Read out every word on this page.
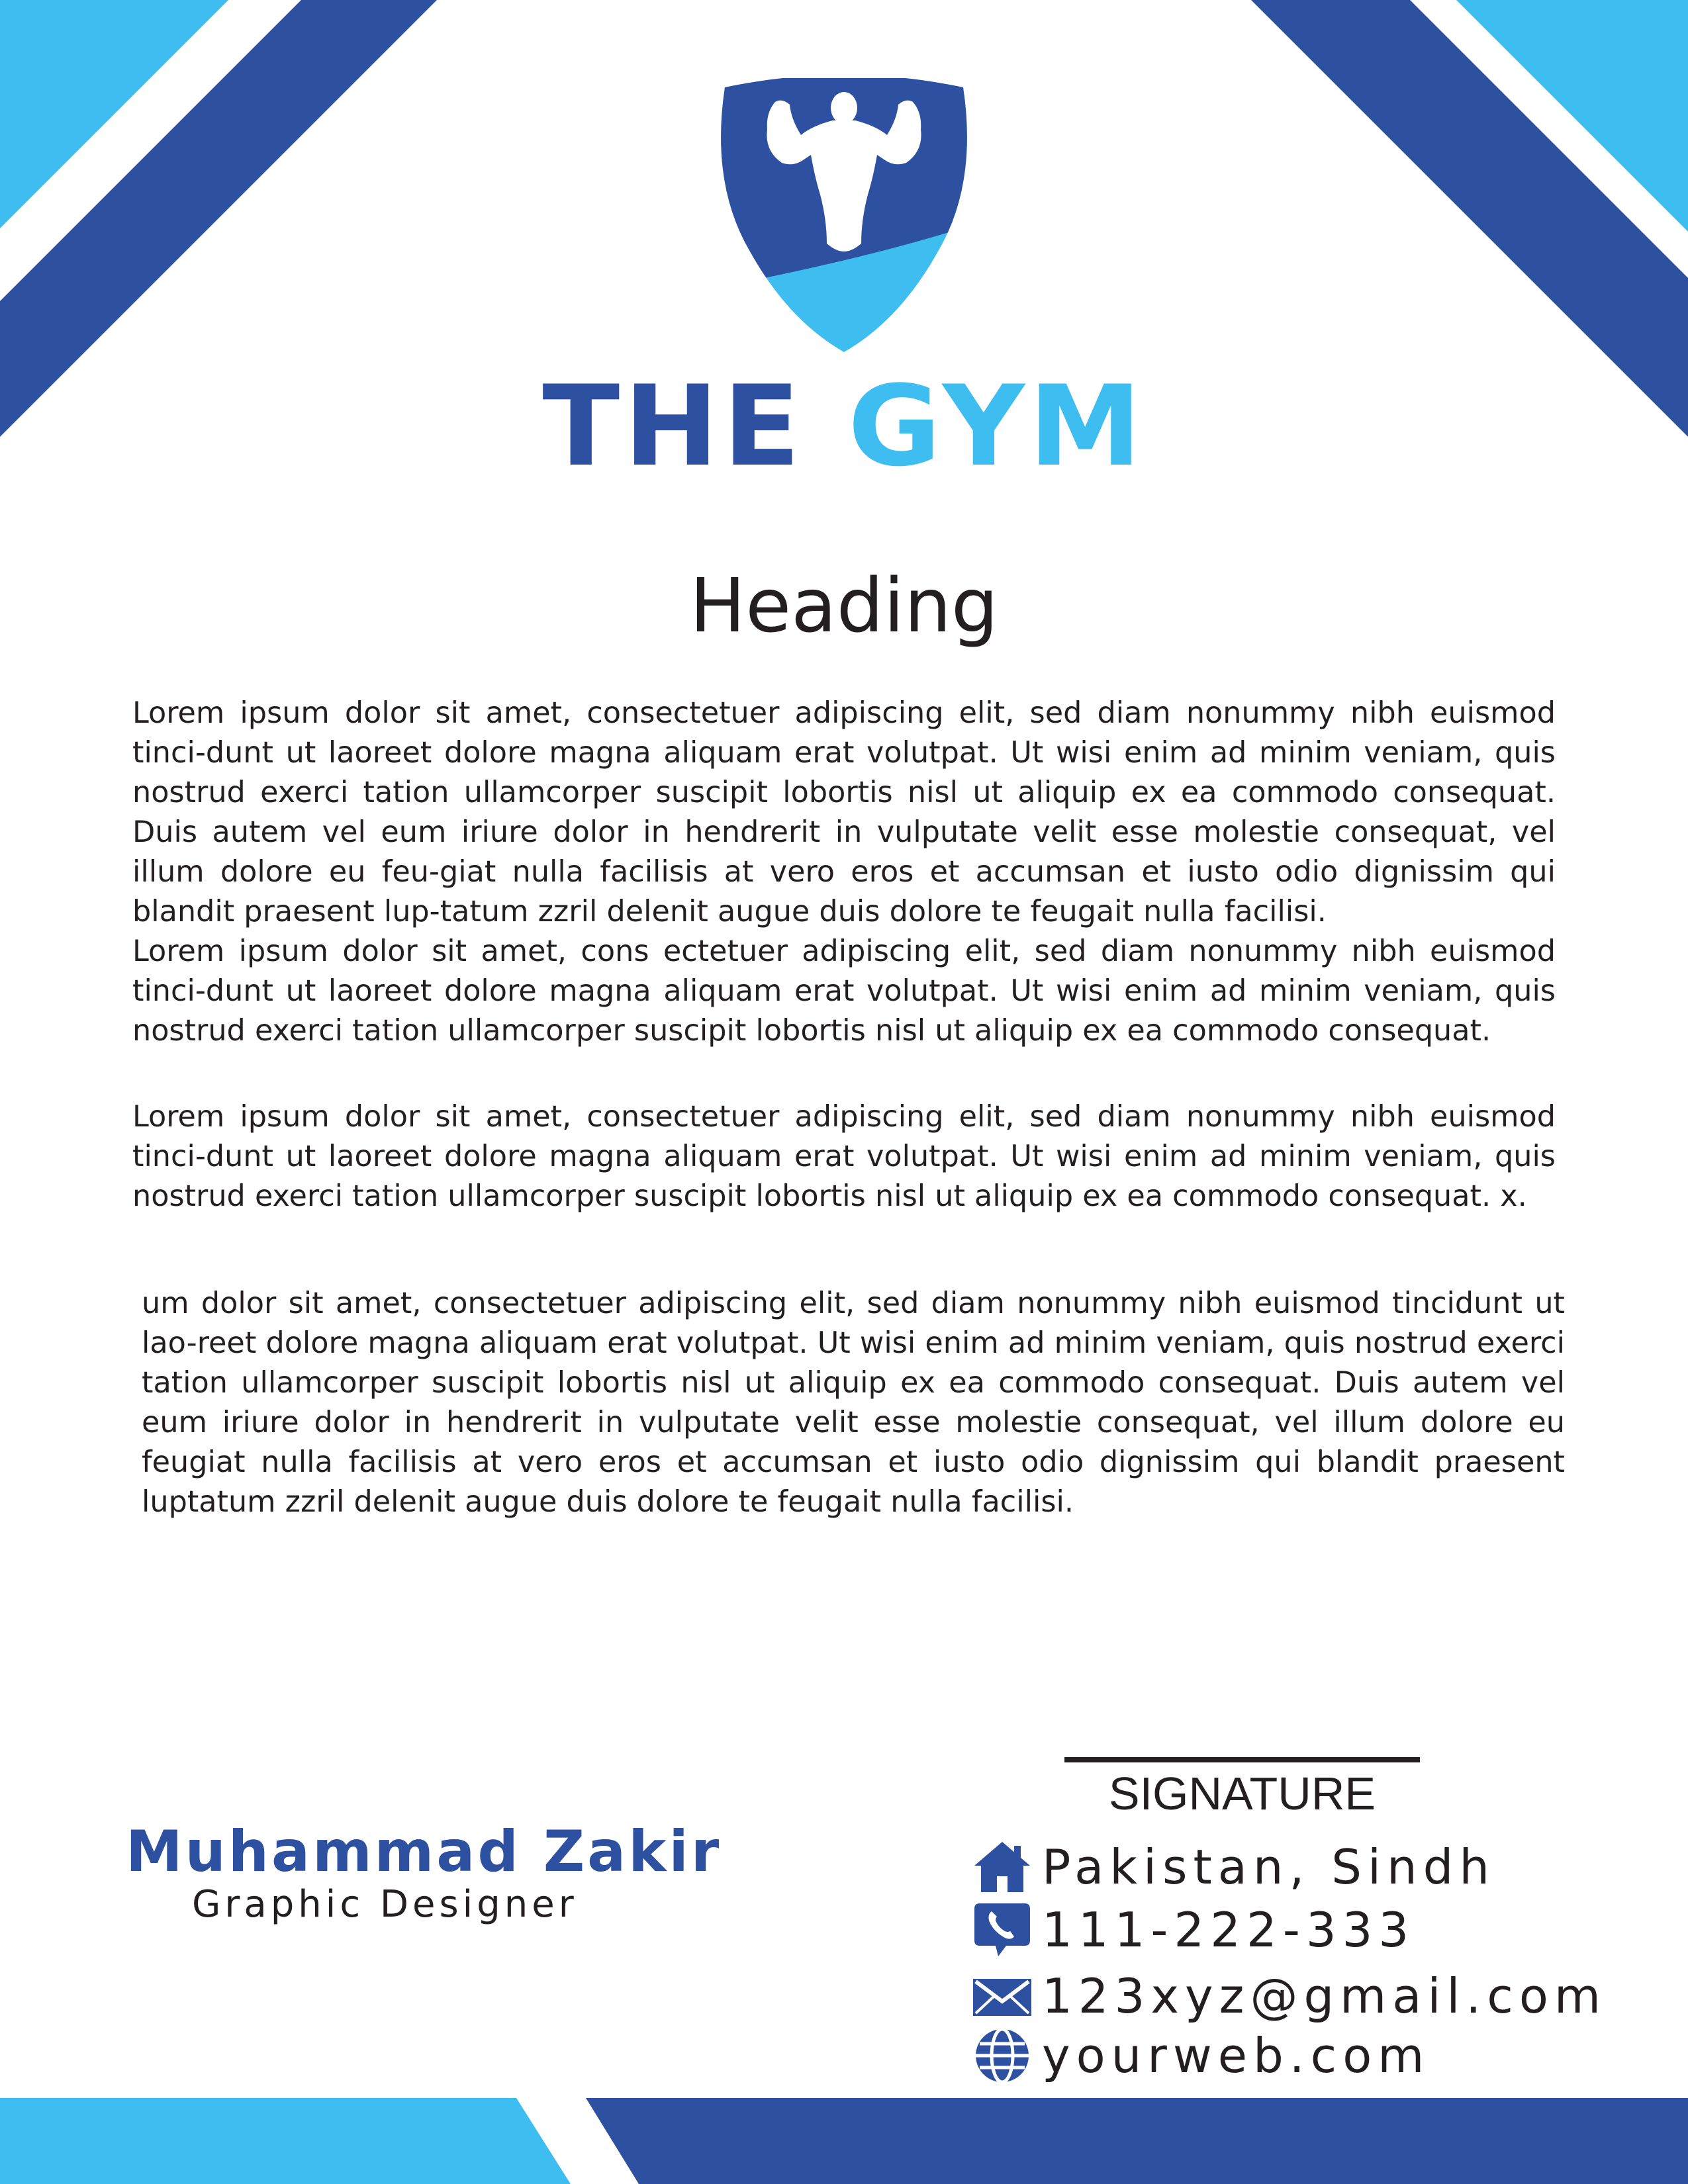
THE GYM
Heading
Lorem ipsum dolor sit amet, consectetuer adipiscing elit, sed diam nonummy nibh euismod tinci-dunt ut laoreet dolore magna aliquam erat volutpat. Ut wisi enim ad minim veniam, quis nostrud exerci tation ullamcorper suscipit lobortis nisl ut aliquip ex ea commodo consequat. Duis autem vel eum iriure dolor in hendrerit in vulputate velit esse molestie consequat, vel illum dolore eu feu-giat nulla facilisis at vero eros et accumsan et iusto odio dignissim qui blandit praesent lup-tatum zzril delenit augue duis dolore te feugait nulla facilisi.
Lorem ipsum dolor sit amet, cons ectetuer adipiscing elit, sed diam nonummy nibh euismod tinci-dunt ut laoreet dolore magna aliquam erat volutpat. Ut wisi enim ad minim veniam, quis nostrud exerci tation ullamcorper suscipit lobortis nisl ut aliquip ex ea commodo consequat.
Lorem ipsum dolor sit amet, consectetuer adipiscing elit, sed diam nonummy nibh euismod tinci-dunt ut laoreet dolore magna aliquam erat volutpat. Ut wisi enim ad minim veniam, quis nostrud exerci tation ullamcorper suscipit lobortis nisl ut aliquip ex ea commodo consequat. x.
um dolor sit amet, consectetuer adipiscing elit, sed diam nonummy nibh euismod tincidunt ut lao-reet dolore magna aliquam erat volutpat. Ut wisi enim ad minim veniam, quis nostrud exerci tation ullamcorper suscipit lobortis nisl ut aliquip ex ea commodo consequat. Duis autem vel eum iriure dolor in hendrerit in vulputate velit esse molestie consequat, vel illum dolore eu feugiat nulla facilisis at vero eros et accumsan et iusto odio dignissim qui blandit praesent luptatum zzril delenit augue duis dolore te feugait nulla facilisi.
SIGNATURE
Muhammad Zakir
Graphic Designer
Pakistan, Sindh
111-222-333
123xyz@gmail.com
yourweb.com
